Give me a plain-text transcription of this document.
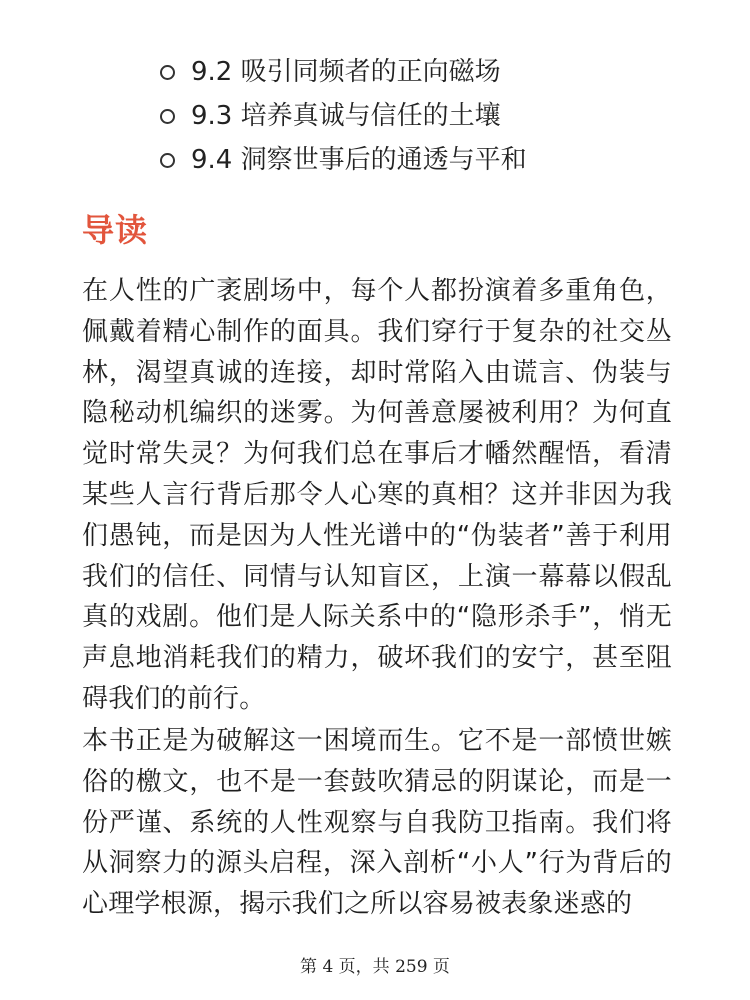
9.2 吸引同频者的正向磁场
9.3 培养真诚与信任的土壤
9.4 洞察世事后的通透与平和
导读

在人性的广袤剧场中，每个人都扮演着多重角色，佩戴着精心制作的面具。我们穿行于复杂的社交丛林，渴望真诚的连接，却时常陷入由谎言、伪装与隐秘动机编织的迷雾。为何善意屡被利用？为何直觉时常失灵？为何我们总在事后才幡然醒悟，看清某些人言行背后那令人心寒的真相？这并非因为我们愚钝，而是因为人性光谱中的“伪装者”善于利用我们的信任、同情与认知盲区，上演一幕幕以假乱真的戏剧。他们是人际关系中的“隐形杀手”，悄无声息地消耗我们的精力，破坏我们的安宁，甚至阻碍我们的前行。

本书正是为破解这一困境而生。它不是一部愤世嫉俗的檄文，也不是一套鼓吹猜忌的阴谋论，而是一份严谨、系统的人性观察与自我防卫指南。我们将从洞察力的源头启程，深入剖析“小人”行为背后的心理学根源，揭示我们之所以容易被表象迷惑的

第 4 页，共 259 页
